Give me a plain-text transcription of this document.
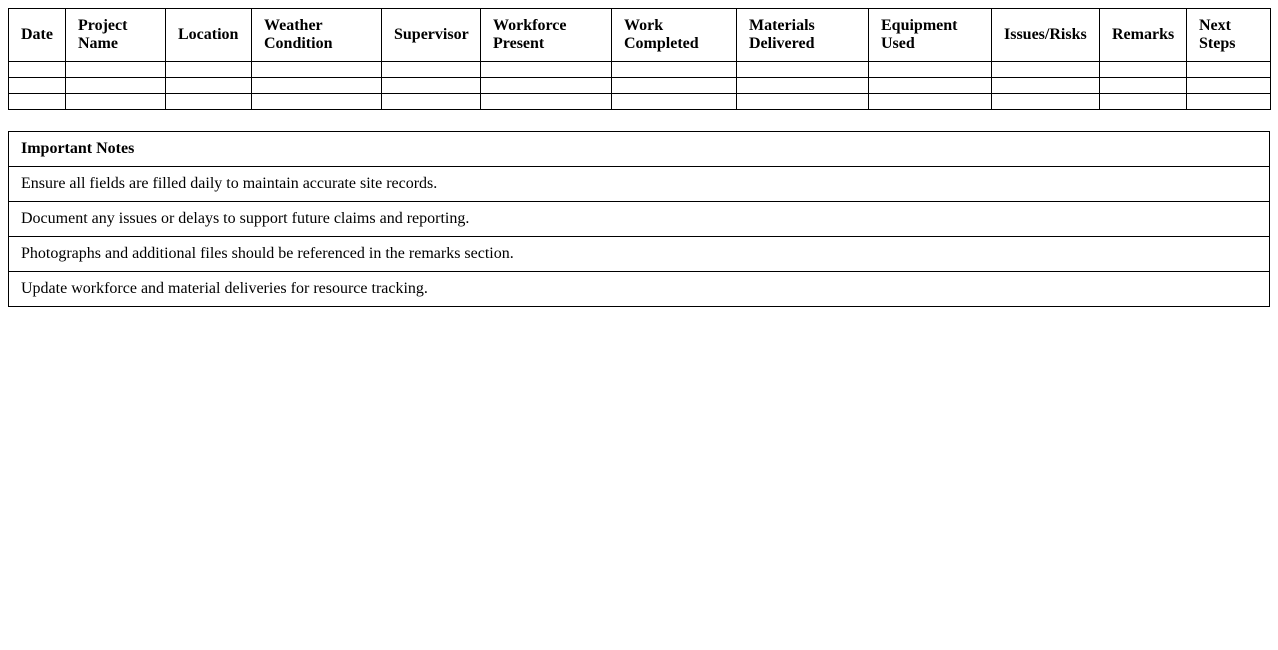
Date	Project Name	Location	Weather Condition	Supervisor	Workforce Present	Work Completed	Materials Delivered	Equipment Used	Issues/Risks	Remarks	Next Steps

Important Notes
Ensure all fields are filled daily to maintain accurate site records.
Document any issues or delays to support future claims and reporting.
Photographs and additional files should be referenced in the remarks section.
Update workforce and material deliveries for resource tracking.
